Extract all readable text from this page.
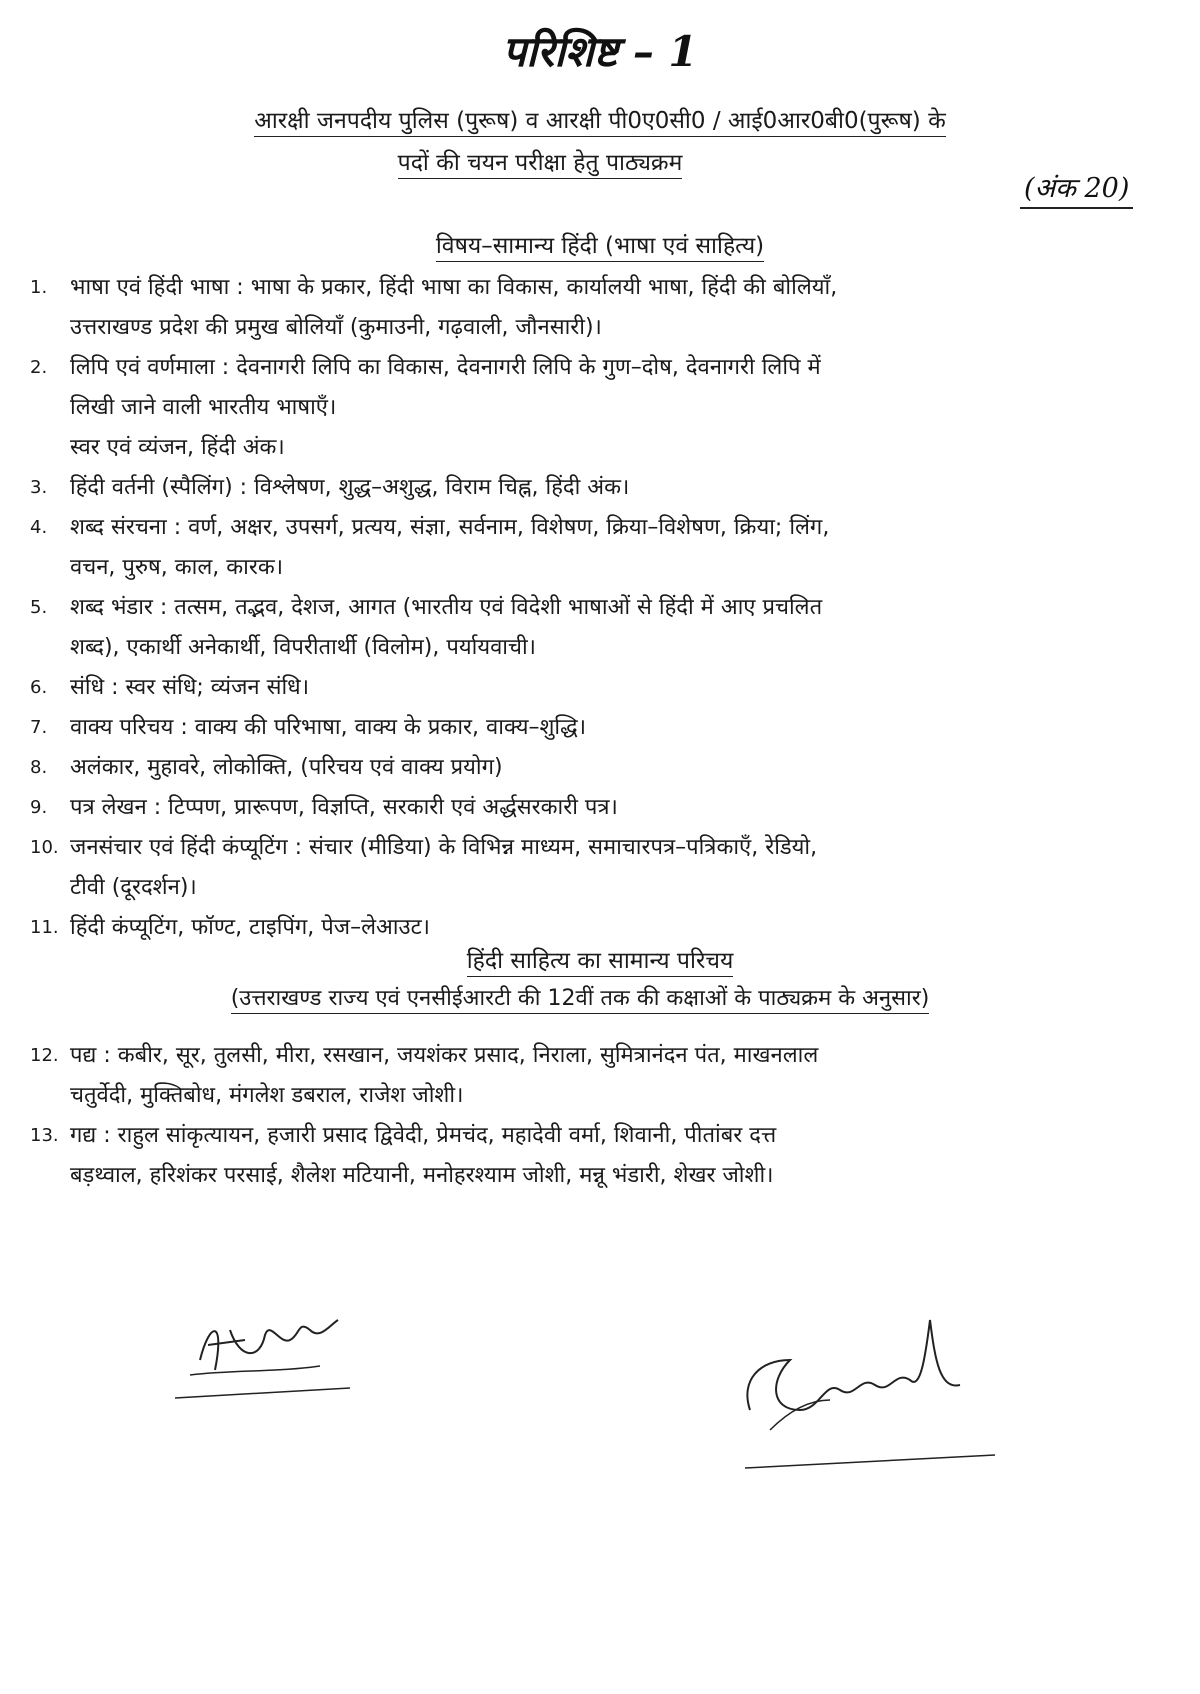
परिशिष्ट – 1
आरक्षी जनपदीय पुलिस (पुरूष) व आरक्षी पी0ए0सी0 / आई0आर0बी0(पुरूष) के
पदों की चयन परीक्षा हेतु पाठ्यक्रम
(अंक 20)
विषय–सामान्य हिंदी (भाषा एवं साहित्य)
1.	भाषा एवं हिंदी भाषा : भाषा के प्रकार, हिंदी भाषा का विकास, कार्यालयी भाषा, हिंदी की बोलियाँ,
उत्तराखण्ड प्रदेश की प्रमुख बोलियाँ (कुमाउनी, गढ़वाली, जौनसारी)।
2.	लिपि एवं वर्णमाला : देवनागरी लिपि का विकास, देवनागरी लिपि के गुण–दोष, देवनागरी लिपि में
लिखी जाने वाली भारतीय भाषाएँ।
स्वर एवं व्यंजन, हिंदी अंक।
3.	हिंदी वर्तनी (स्पैलिंग) : विश्लेषण, शुद्ध–अशुद्ध, विराम चिह्न, हिंदी अंक।
4.	शब्द संरचना : वर्ण, अक्षर, उपसर्ग, प्रत्यय, संज्ञा, सर्वनाम, विशेषण, क्रिया–विशेषण, क्रिया; लिंग,
वचन, पुरुष, काल, कारक।
5.	शब्द भंडार : तत्सम, तद्भव, देशज, आगत (भारतीय एवं विदेशी भाषाओं से हिंदी में आए प्रचलित
शब्द), एकार्थी अनेकार्थी, विपरीतार्थी (विलोम), पर्यायवाची।
6.	संधि : स्वर संधि; व्यंजन संधि।
7.	वाक्य परिचय : वाक्य की परिभाषा, वाक्य के प्रकार, वाक्य–शुद्धि।
8.	अलंकार, मुहावरे, लोकोक्ति, (परिचय एवं वाक्य प्रयोग)
9.	पत्र लेखन : टिप्पण, प्रारूपण, विज्ञप्ति, सरकारी एवं अर्द्धसरकारी पत्र।
10. जनसंचार एवं हिंदी कंप्यूटिंग : संचार (मीडिया) के विभिन्न माध्यम, समाचारपत्र–पत्रिकाएँ, रेडियो,
टीवी (दूरदर्शन)।
11. हिंदी कंप्यूटिंग, फॉण्ट, टाइपिंग, पेज–लेआउट।
हिंदी साहित्य का सामान्य परिचय
(उत्तराखण्ड राज्य एवं एनसीईआरटी की 12वीं तक की कक्षाओं के पाठ्यक्रम के अनुसार)
12. पद्य : कबीर, सूर, तुलसी, मीरा, रसखान, जयशंकर प्रसाद, निराला, सुमित्रानंदन पंत, माखनलाल
चतुर्वेदी, मुक्तिबोध, मंगलेश डबराल, राजेश जोशी।
13. गद्य : राहुल सांकृत्यायन, हजारी प्रसाद द्विवेदी, प्रेमचंद, महादेवी वर्मा, शिवानी, पीतांबर दत्त
बड़थ्वाल, हरिशंकर परसाई, शैलेश मटियानी, मनोहरश्याम जोशी, मन्नू भंडारी, शेखर जोशी।
